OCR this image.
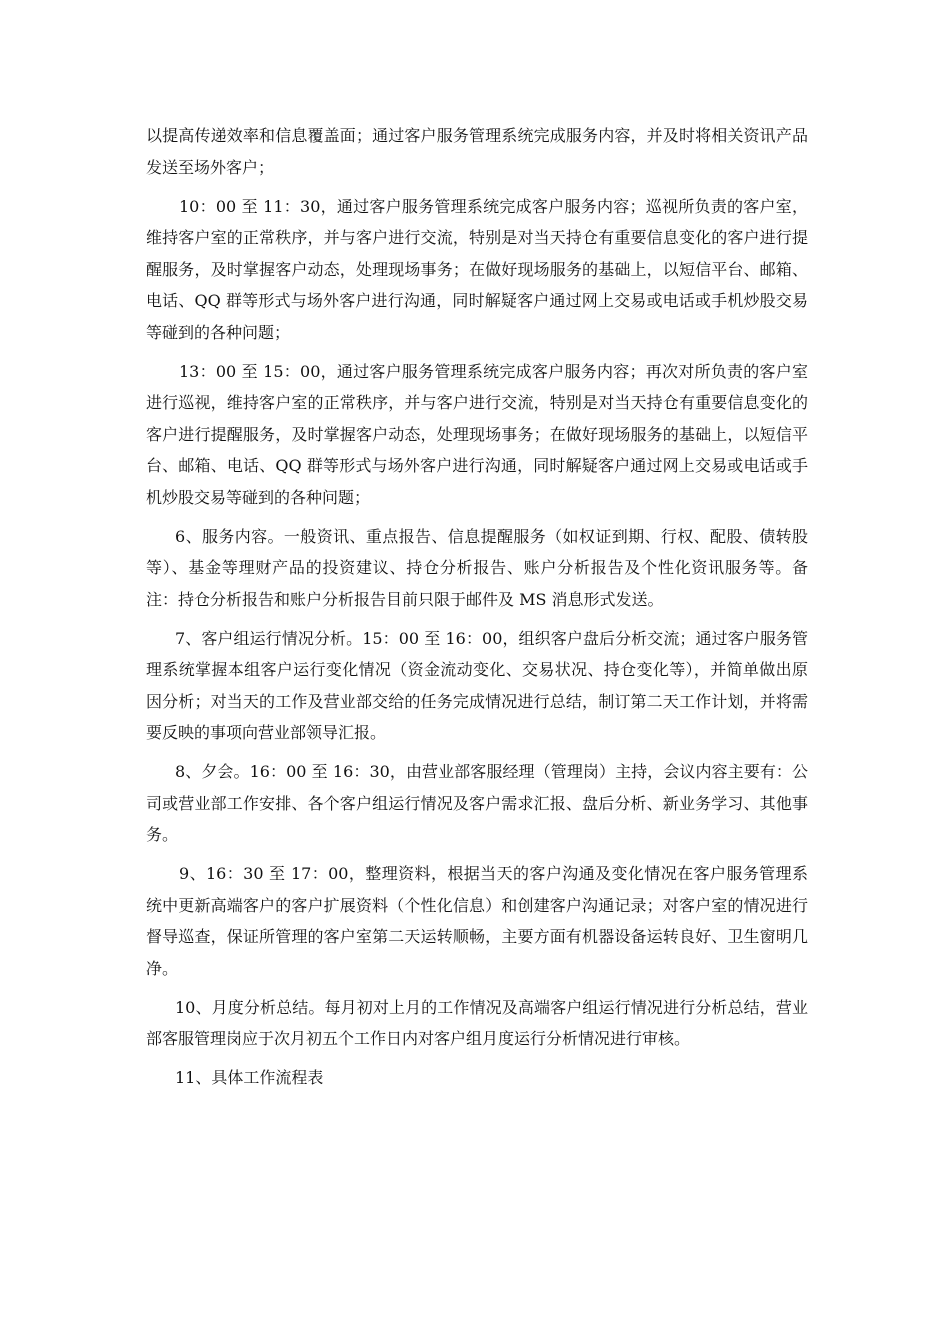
以提高传递效率和信息覆盖面；通过客户服务管理系统完成服务内容，并及时将相关资讯产品发送至场外客户；

10：00 至 11：30，通过客户服务管理系统完成客户服务内容；巡视所负责的客户室，维持客户室的正常秩序，并与客户进行交流，特别是对当天持仓有重要信息变化的客户进行提醒服务，及时掌握客户动态，处理现场事务；在做好现场服务的基础上，以短信平台、邮箱、电话、QQ 群等形式与场外客户进行沟通，同时解疑客户通过网上交易或电话或手机炒股交易等碰到的各种问题；

13：00 至 15：00，通过客户服务管理系统完成客户服务内容；再次对所负责的客户室进行巡视，维持客户室的正常秩序，并与客户进行交流，特别是对当天持仓有重要信息变化的客户进行提醒服务，及时掌握客户动态，处理现场事务；在做好现场服务的基础上，以短信平台、邮箱、电话、QQ 群等形式与场外客户进行沟通，同时解疑客户通过网上交易或电话或手机炒股交易等碰到的各种问题；

6、服务内容。一般资讯、重点报告、信息提醒服务（如权证到期、行权、配股、债转股等）、基金等理财产品的投资建议、持仓分析报告、账户分析报告及个性化资讯服务等。备注：持仓分析报告和账户分析报告目前只限于邮件及 MS 消息形式发送。

7、客户组运行情况分析。15：00 至 16：00，组织客户盘后分析交流；通过客户服务管理系统掌握本组客户运行变化情况（资金流动变化、交易状况、持仓变化等），并简单做出原因分析；对当天的工作及营业部交给的任务完成情况进行总结，制订第二天工作计划，并将需要反映的事项向营业部领导汇报。

8、夕会。16：00 至 16：30，由营业部客服经理（管理岗）主持，会议内容主要有：公司或营业部工作安排、各个客户组运行情况及客户需求汇报、盘后分析、新业务学习、其他事务。

9、16：30 至 17：00，整理资料，根据当天的客户沟通及变化情况在客户服务管理系统中更新高端客户的客户扩展资料（个性化信息）和创建客户沟通记录；对客户室的情况进行督导巡查，保证所管理的客户室第二天运转顺畅，主要方面有机器设备运转良好、卫生窗明几净。

10、月度分析总结。每月初对上月的工作情况及高端客户组运行情况进行分析总结，营业部客服管理岗应于次月初五个工作日内对客户组月度运行分析情况进行审核。

11、具体工作流程表
